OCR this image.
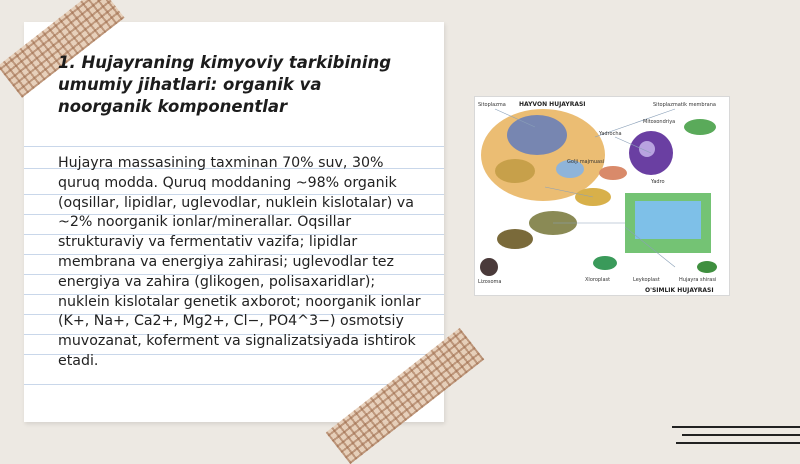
1. Hujayraning kimyoviy tarkibining umumiy jihatlari: organik va noorganik komponentlar

Hujayra massasining taxminan 70% suv, 30% quruq modda. Quruq moddaning ~98% organik (oqsillar, lipidlar, uglevodlar, nuklein kislotalar) va ~2% noorganik ionlar/minerallar. Oqsillar strukturaviy va fermentativ vazifa; lipidlar membrana va energiya zahirasi; uglevodlar tez energiya va zahira (glikogen, polisaxaridlar); nuklein kislotalar genetik axborot; noorganik ionlar (K+, Na+, Ca2+, Mg2+, Cl−, PO4^3−) osmotsiy muvozanat, koferment va signalizatsiyada ishtirok etadi.

Sitoplazma HAYVON HUJAYRASI	Sitoplazmatik membrana
Yadrocha
Mitoxondriya
Golji majmuasi
Yadro
Lizosoma	Xloroplast	Leykoplast	Hujayra shirasi
O'SIMLIK HUJAYRASI
